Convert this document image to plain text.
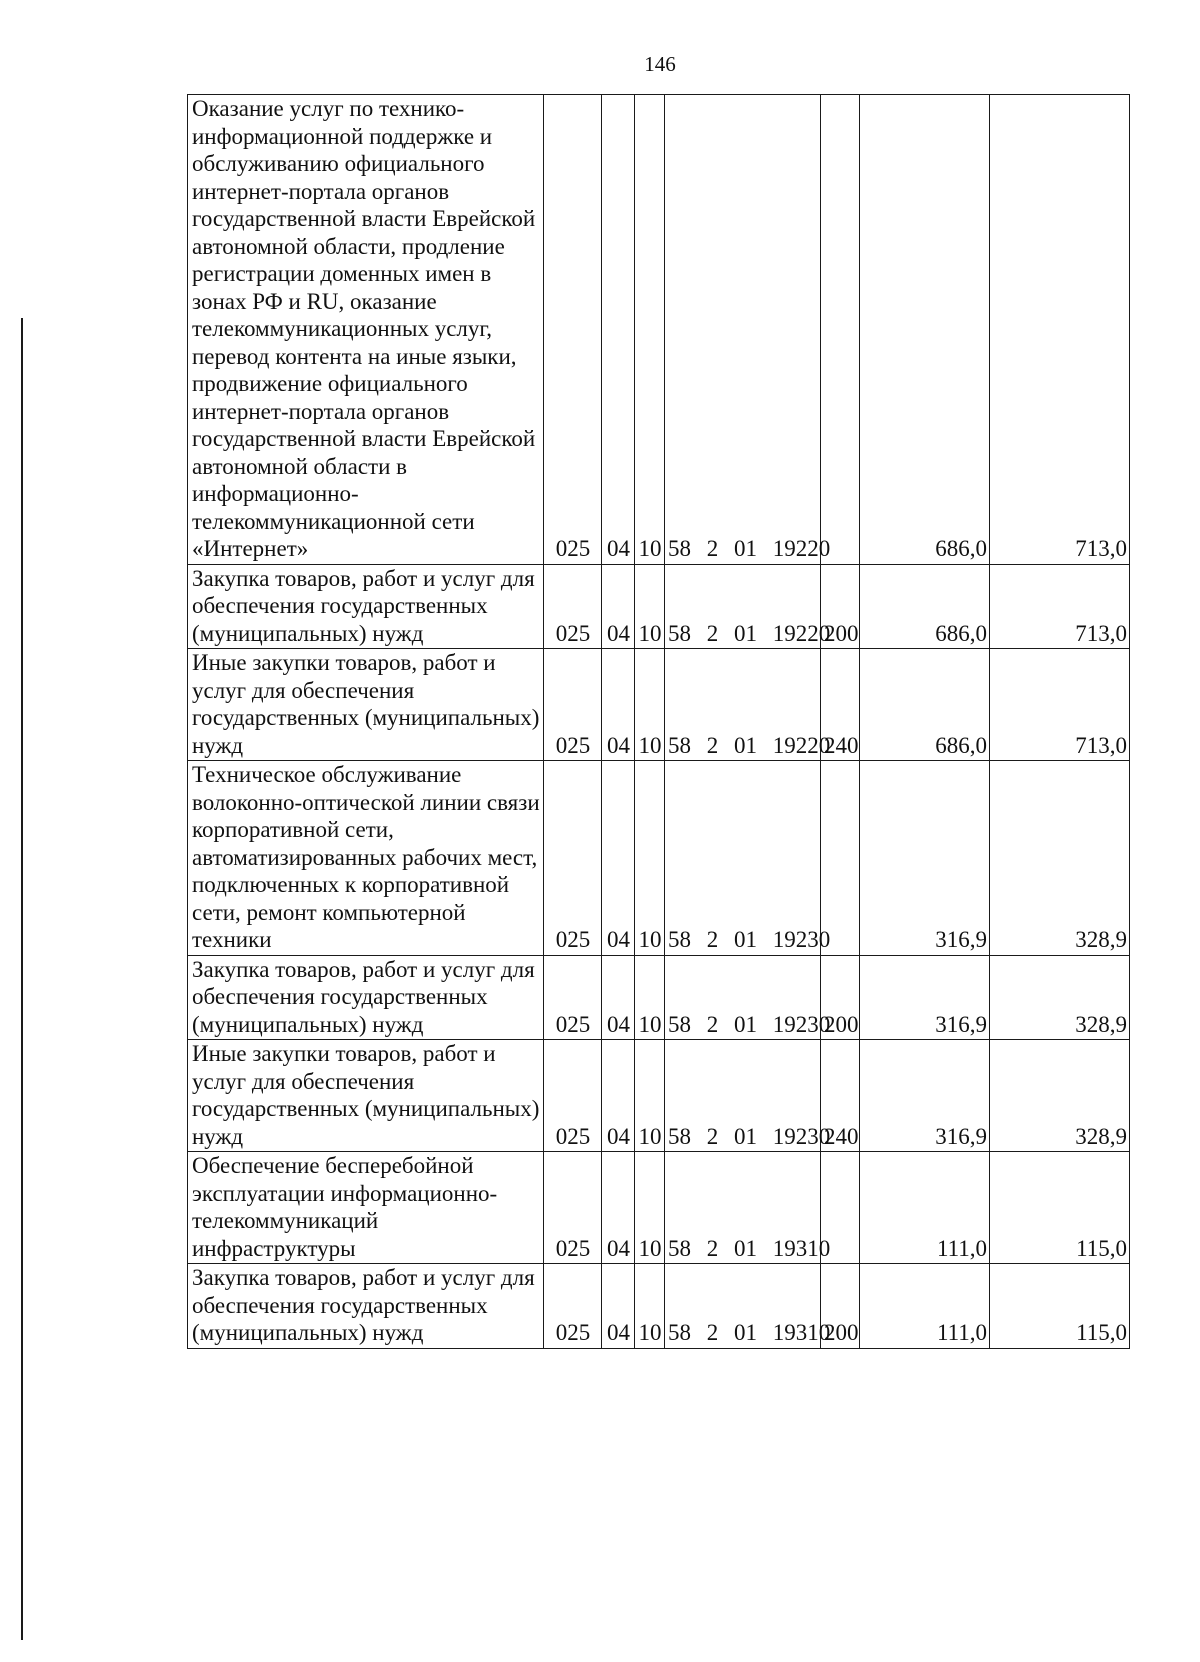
146
Оказание услуг по технико-информационной поддержке и обслуживанию официального интернет-портала органов государственной власти Еврейской автономной области, продление регистрации доменных имен в зонах РФ и RU, оказание телекоммуникационных услуг, перевод контента на иные языки, продвижение официального интернет-портала органов государственной власти Еврейской автономной области в информационно-телекоммуникационной сети «Интернет»	025	04	10	58 2 01 19220		686,0	713,0
Закупка товаров, работ и услуг для обеспечения государственных (муниципальных) нужд	025	04	10	58 2 01 19220	200	686,0	713,0
Иные закупки товаров, работ и услуг для обеспечения государственных (муниципальных) нужд	025	04	10	58 2 01 19220	240	686,0	713,0
Техническое обслуживание волоконно-оптической линии связи корпоративной сети, автоматизированных рабочих мест, подключенных к корпоративной сети, ремонт компьютерной техники	025	04	10	58 2 01 19230		316,9	328,9
Закупка товаров, работ и услуг для обеспечения государственных (муниципальных) нужд	025	04	10	58 2 01 19230	200	316,9	328,9
Иные закупки товаров, работ и услуг для обеспечения государственных (муниципальных) нужд	025	04	10	58 2 01 19230	240	316,9	328,9
Обеспечение бесперебойной эксплуатации информационно-телекоммуникаций инфраструктуры	025	04	10	58 2 01 19310		111,0	115,0
Закупка товаров, работ и услуг для обеспечения государственных (муниципальных) нужд	025	04	10	58 2 01 19310	200	111,0	115,0
